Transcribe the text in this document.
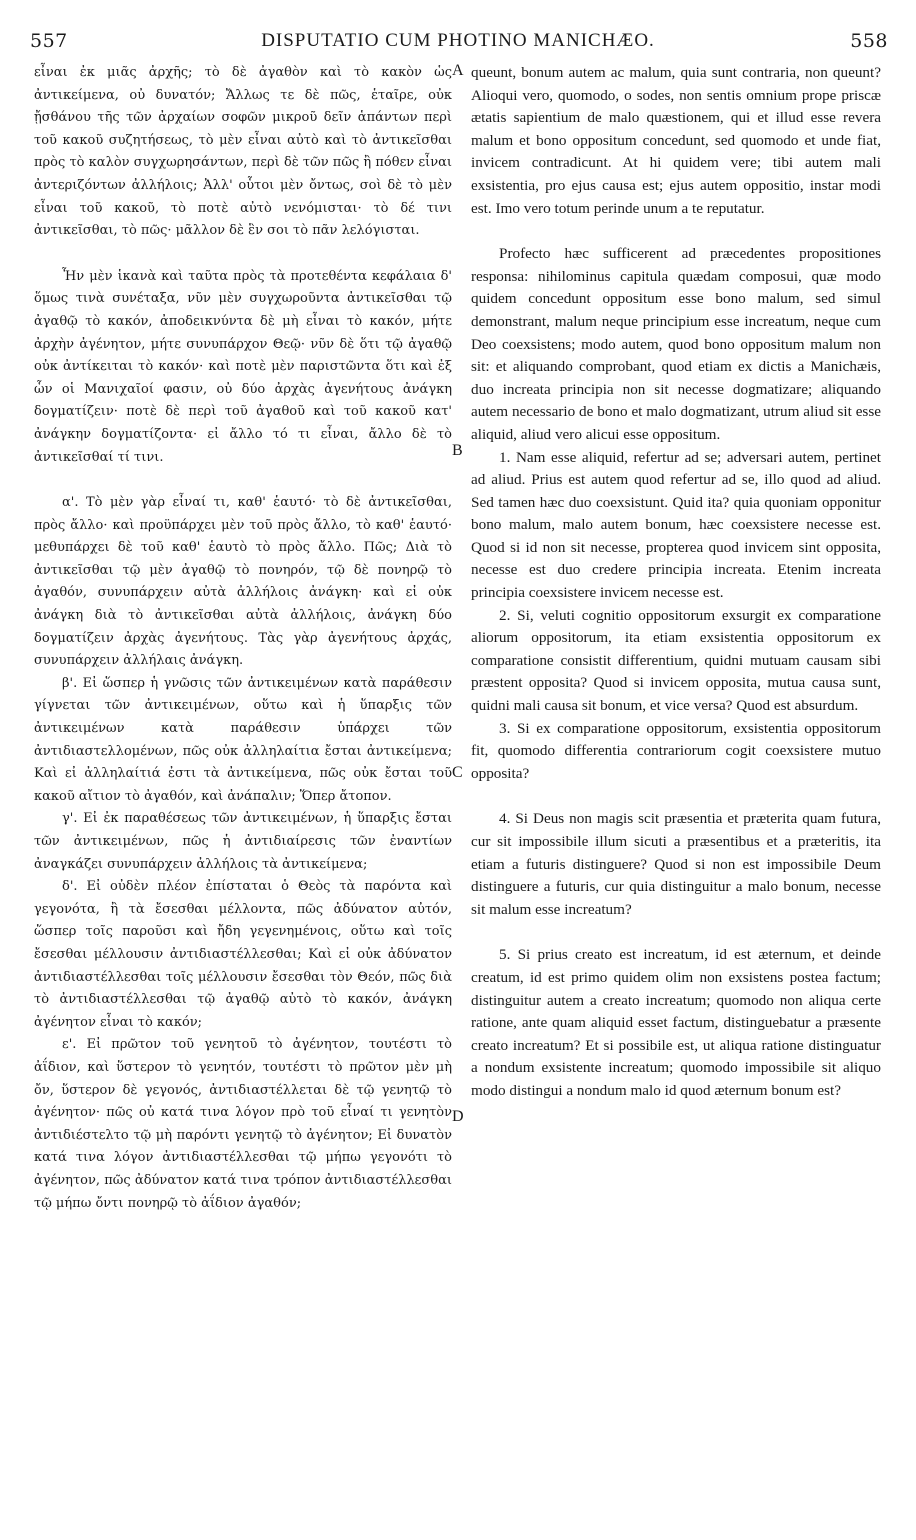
557	DISPUTATIO CUM PHOTINO MANICHÆO.	558

εἶναι ἐκ μιᾶς ἀρχῆς; τὸ δὲ ἀγαθὸν καὶ τὸ κακὸν ὡς ἀντικείμενα, οὐ δυνατόν; Ἄλλως τε δὲ πῶς, ἑταῖρε, οὐκ ᾔσθάνου τῆς τῶν ἀρχαίων σοφῶν μικροῦ δεῖν ἁπάντων περὶ τοῦ κακοῦ συζητήσεως, τὸ μὲν εἶναι αὐτὸ καὶ τὸ ἀντικεῖσθαι πρὸς τὸ καλὸν συγχωρησάντων, περὶ δὲ τῶν πῶς ἢ πόθεν εἶναι ἀντεριζόντων ἀλλήλοις; Ἀλλ' οὗτοι μὲν ὄντως, σοὶ δὲ τὸ μὲν εἶναι τοῦ κακοῦ, τὸ ποτὲ αὐτὸ νενόμισται· τὸ δέ τινι ἀντικεῖσθαι, τὸ πῶς· μᾶλλον δὲ ἓν σοι τὸ πᾶν λελόγισται.

Ἦν μὲν ἱκανὰ καὶ ταῦτα πρὸς τὰ προτεθέντα κεφάλαια δ' ὅμως τινὰ συνέταξα, νῦν μὲν συγχωροῦντα ἀντικεῖσθαι τῷ ἀγαθῷ τὸ κακόν, ἀποδεικνύντα δὲ μὴ εἶναι τὸ κακόν, μήτε ἀρχὴν ἀγένητον, μήτε συνυπάρχον Θεῷ· νῦν δὲ ὅτι τῷ ἀγαθῷ οὐκ ἀντίκειται τὸ κακόν· καὶ ποτὲ μὲν παριστῶντα ὅτι καὶ ἐξ ὧν οἱ Μανιχαῖοί φασιν, οὐ δύο ἀρχὰς ἀγενήτους ἀνάγκη δογματίζειν· ποτὲ δὲ περὶ τοῦ ἀγαθοῦ καὶ τοῦ κακοῦ κατ' ἀνάγκην δογματίζοντα· εἰ ἄλλο τό τι εἶναι, ἄλλο δὲ τὸ ἀντικεῖσθαί τί τινι.

α'. Τὸ μὲν γὰρ εἶναί τι, καθ' ἑαυτό· τὸ δὲ ἀντικεῖσθαι, πρὸς ἄλλο· καὶ προϋπάρχει μὲν τοῦ πρὸς ἄλλο, τὸ καθ' ἑαυτό· μεθυπάρχει δὲ τοῦ καθ' ἑαυτὸ τὸ πρὸς ἄλλο. Πῶς; Διὰ τὸ ἀντικεῖσθαι τῷ μὲν ἀγαθῷ τὸ πονηρόν, τῷ δὲ πονηρῷ τὸ ἀγαθόν, συνυπάρχειν αὐτὰ ἀλλήλοις ἀνάγκη· καὶ εἰ οὐκ ἀνάγκη διὰ τὸ ἀντικεῖσθαι αὐτὰ ἀλλήλοις, ἀνάγκη δύο δογματίζειν ἀρχὰς ἀγενήτους. Τὰς γὰρ ἀγενήτους ἀρχάς, συνυπάρχειν ἀλλήλαις ἀνάγκη.

β'. Εἰ ὥσπερ ἡ γνῶσις τῶν ἀντικειμένων κατὰ παράθεσιν γίγνεται τῶν ἀντικειμένων, οὕτω καὶ ἡ ὕπαρξις τῶν ἀντικειμένων κατὰ παράθεσιν ὑπάρχει τῶν ἀντιδιαστελλομένων, πῶς οὐκ ἀλληλαίτια ἔσται ἀντικείμενα; Καὶ εἰ ἀλληλαίτιά ἐστι τὰ ἀντικείμενα, πῶς οὐκ ἔσται τοῦ κακοῦ αἴτιον τὸ ἀγαθόν, καὶ ἀνάπαλιν; Ὅπερ ἄτοπον.

γ'. Εἰ ἐκ παραθέσεως τῶν ἀντικειμένων, ἡ ὕπαρξις ἔσται τῶν ἀντικειμένων, πῶς ἡ ἀντιδιαίρεσις τῶν ἐναντίων ἀναγκάζει συνυπάρχειν ἀλλήλοις τὰ ἀντικείμενα;

δ'. Εἰ οὐδὲν πλέον ἐπίσταται ὁ Θεὸς τὰ παρόντα καὶ γεγονότα, ἢ τὰ ἔσεσθαι μέλλοντα, πῶς ἀδύνατον αὐτόν, ὥσπερ τοῖς παροῦσι καὶ ἤδη γεγενημένοις, οὕτω καὶ τοῖς ἔσεσθαι μέλλουσιν ἀντιδιαστέλλεσθαι; Καὶ εἰ οὐκ ἀδύνατον ἀντιδιαστέλλεσθαι τοῖς μέλλουσιν ἔσεσθαι τὸν Θεόν, πῶς διὰ τὸ ἀντιδιαστέλλεσθαι τῷ ἀγαθῷ αὐτὸ τὸ κακόν, ἀνάγκη ἀγένητον εἶναι τὸ κακόν;

ε'. Εἰ πρῶτον τοῦ γενητοῦ τὸ ἀγένητον, τουτέστι τὸ ἀΐδιον, καὶ ὕστερον τὸ γενητόν, τουτέστι τὸ πρῶτον μὲν μὴ ὄν, ὕστερον δὲ γεγονός, ἀντιδιαστέλλεται δὲ τῷ γενητῷ τὸ ἀγένητον· πῶς οὐ κατά τινα λόγον πρὸ τοῦ εἶναί τι γενητὸν ἀντιδιέστελτο τῷ μὴ παρόντι γενητῷ τὸ ἀγένητον; Εἰ δυνατὸν κατά τινα λόγον ἀντιδιαστέλλεσθαι τῷ μήπω γεγονότι τὸ ἀγένητον, πῶς ἀδύνατον κατά τινα τρόπον ἀντιδιαστέλλεσθαι τῷ μήπω ὄντι πονηρῷ τὸ ἀΐδιον ἀγαθόν;

queunt, bonum autem ac malum, quia sunt contraria, non queunt? Alioqui vero, quomodo, o sodes, non sentis omnium prope priscæ ætatis sapientium de malo quæstionem, qui et illud esse revera malum et bono oppositum concedunt, sed quomodo et unde fiat, invicem contradicunt. At hi quidem vere; tibi autem mali exsistentia, pro ejus causa est; ejus autem oppositio, instar modi est. Imo vero totum perinde unum a te reputatur.

Profecto hæc sufficerent ad præcedentes propositiones responsa: nihilominus capitula quædam composui, quæ modo quidem concedunt oppositum esse bono malum, sed simul demonstrant, malum neque principium esse increatum, neque cum Deo coexsistens; modo autem, quod bono oppositum malum non sit: et aliquando comprobant, quod etiam ex dictis a Manichæis, duo increata principia non sit necesse dogmatizare; aliquando autem necessario de bono et malo dogmatizant, utrum aliud sit esse aliquid, aliud vero alicui esse oppositum.

1. Nam esse aliquid, refertur ad se; adversari autem, pertinet ad aliud. Prius est autem quod refertur ad se, illo quod ad aliud. Sed tamen hæc duo coexsistunt. Quid ita? quia quoniam opponitur bono malum, malo autem bonum, hæc coexsistere necesse est. Quod si id non sit necesse, propterea quod invicem sint opposita, necesse est duo credere principia increata. Etenim increata principia coexsistere invicem necesse est.

2. Si, veluti cognitio oppositorum exsurgit ex comparatione aliorum oppositorum, ita etiam exsistentia oppositorum ex comparatione consistit differentium, quidni mutuam causam sibi præstent opposita? Quod si invicem opposita, mutua causa sunt, quidni mali causa sit bonum, et vice versa? Quod est absurdum.

3. Si ex comparatione oppositorum, exsistentia oppositorum fit, quomodo differentia contrariorum cogit coexsistere mutuo opposita?

4. Si Deus non magis scit præsentia et præterita quam futura, cur sit impossibile illum sicuti a præsentibus et a præteritis, ita etiam a futuris distinguere? Quod si non est impossibile Deum distinguere a futuris, cur quia distinguitur a malo bonum, necesse sit malum esse increatum?

5. Si prius creato est increatum, id est æternum, et deinde creatum, id est primo quidem olim non exsistens postea factum; distinguitur autem a creato increatum; quomodo non aliqua certe ratione, ante quam aliquid esset factum, distinguebatur a præsente creato increatum? Et si possibile est, ut aliqua ratione distinguatur a nondum exsistente increatum; quomodo impossibile sit aliquo modo distingui a nondum malo id quod æternum bonum est?

A
B
C
D
